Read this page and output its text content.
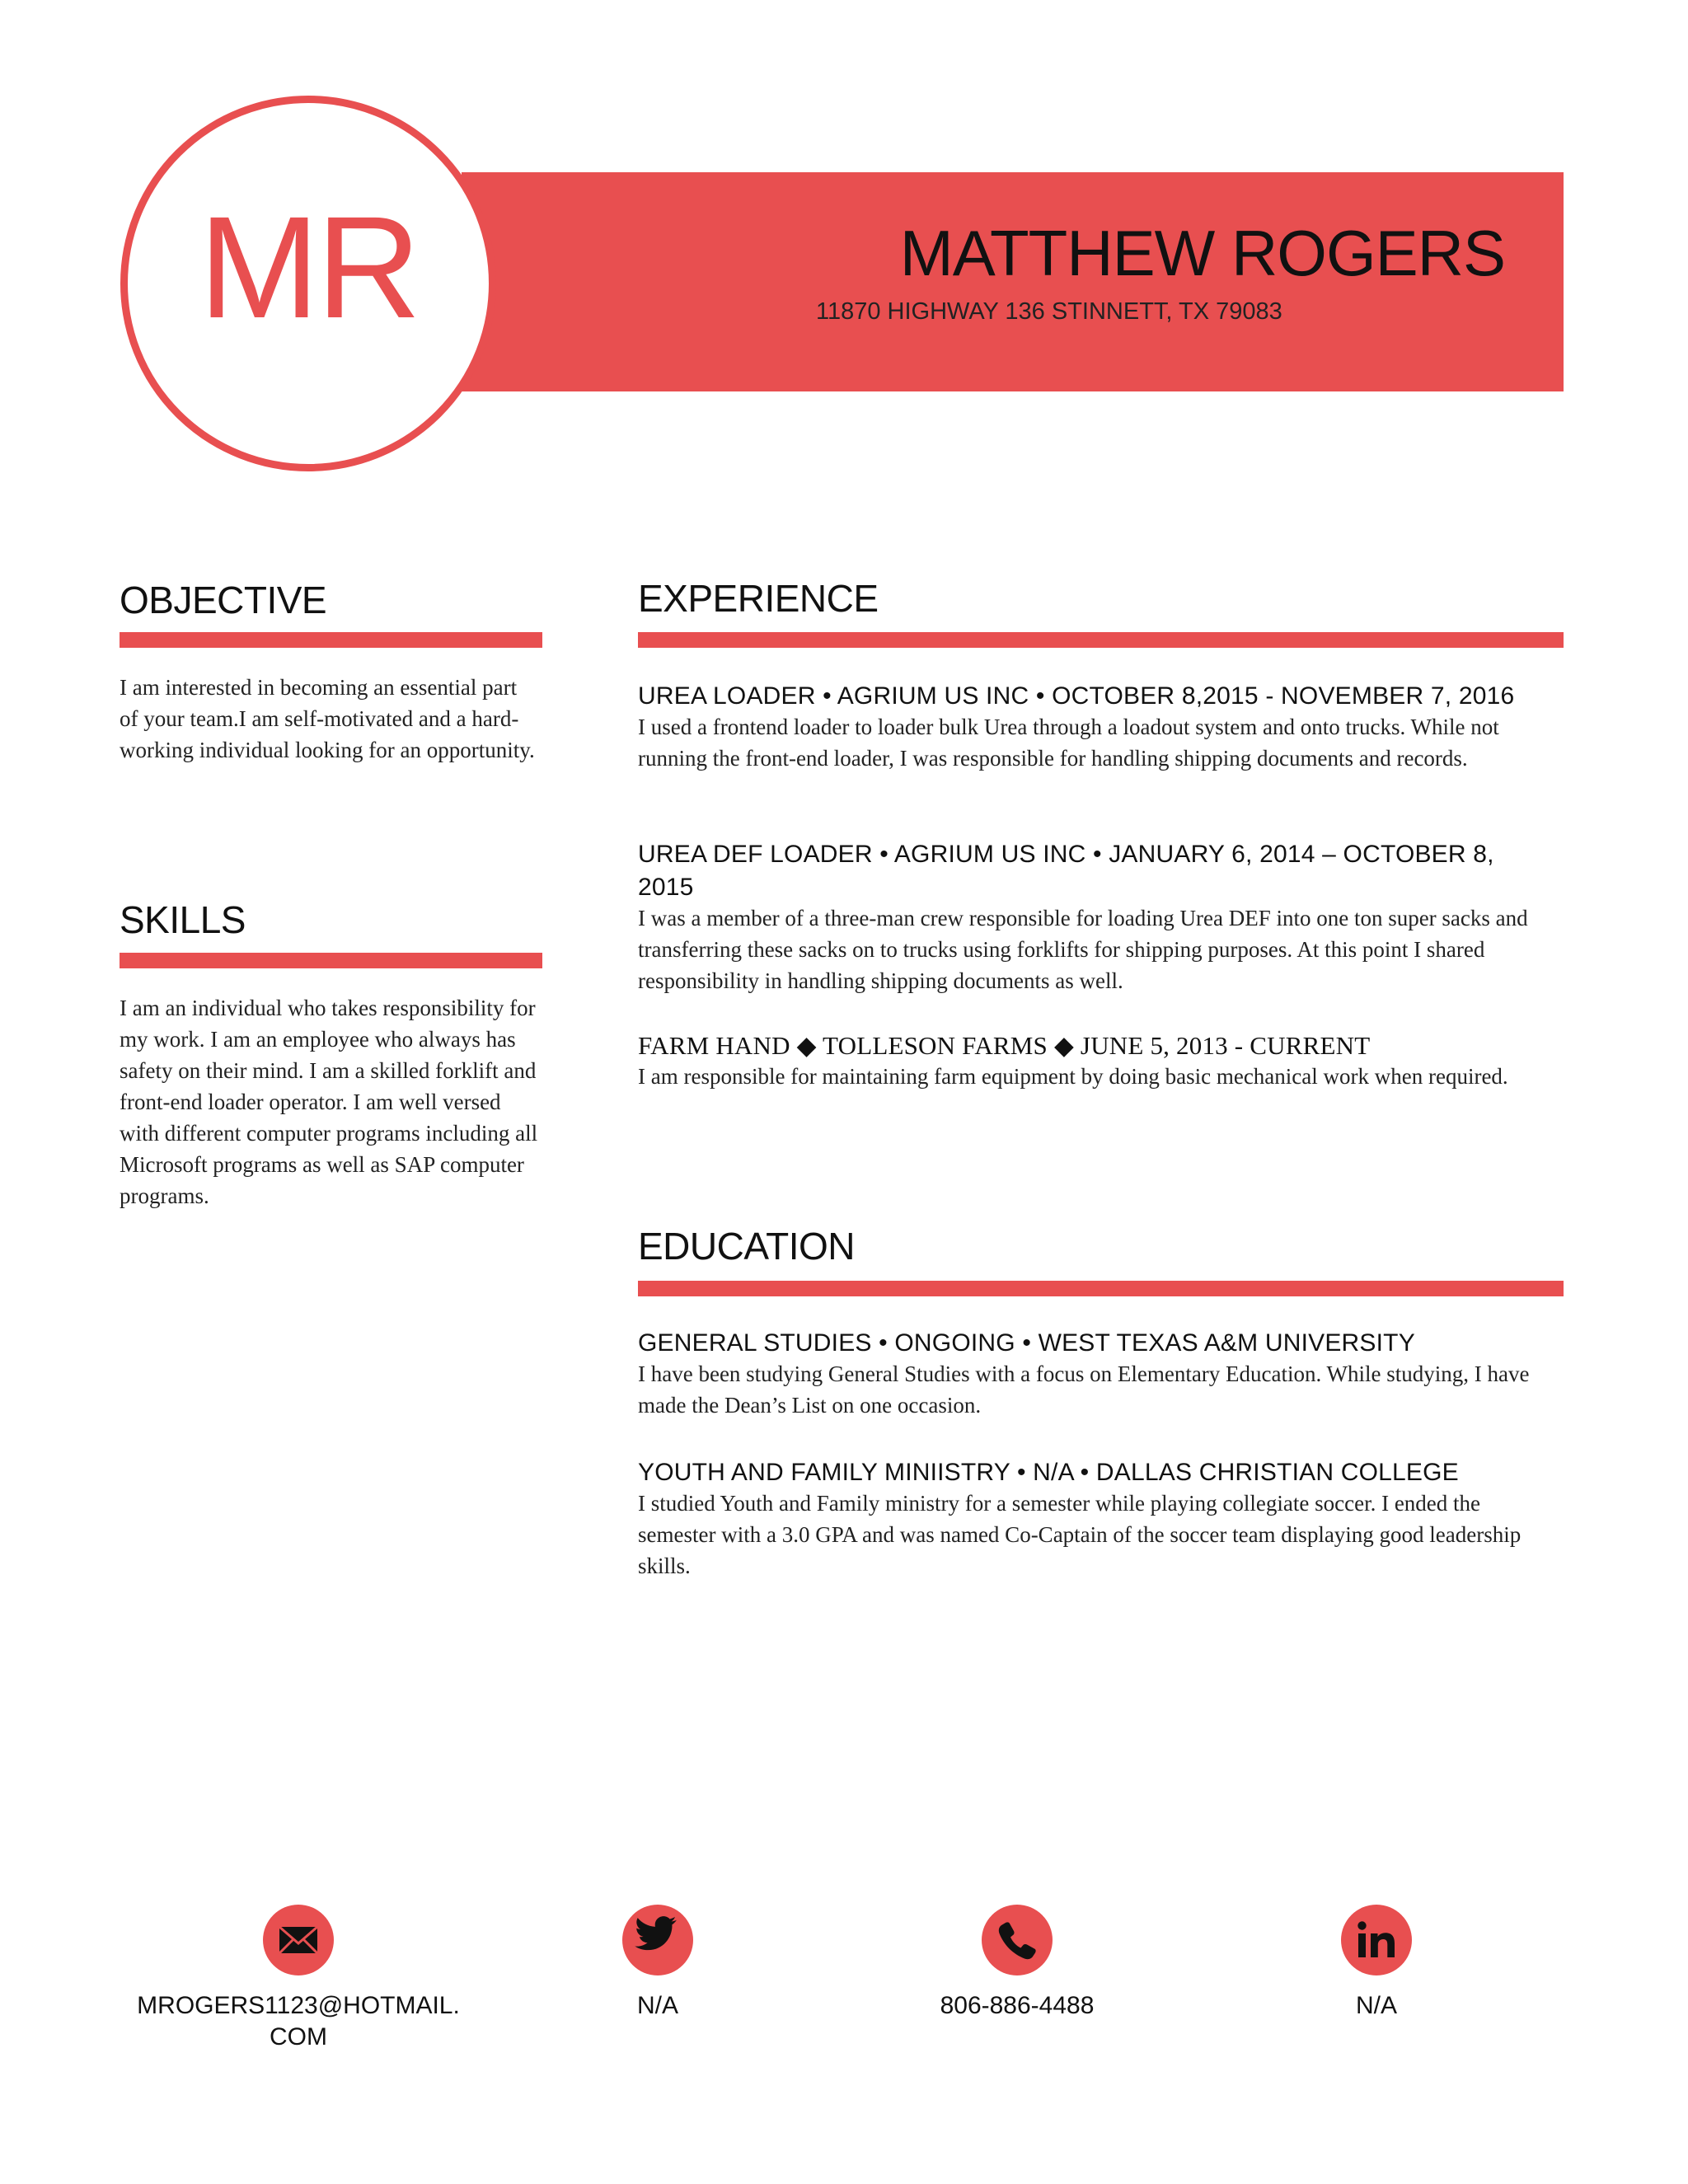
MR	MATTHEW ROGERS
11870 HIGHWAY 136 STINNETT, TX 79083
OBJECTIVE
I am interested in becoming an essential part of your team.I am self-motivated and a hard-working individual looking for an opportunity.
SKILLS
I am an individual who takes responsibility for my work. I am an employee who always has safety on their mind. I am a skilled forklift and front-end loader operator. I am well versed with different computer programs including all Microsoft programs as well as SAP computer programs.
EXPERIENCE
UREA LOADER • AGRIUM US INC • OCTOBER 8,2015 - NOVEMBER 7, 2016
I used a frontend loader to loader bulk Urea through a loadout system and onto trucks. While not running the front-end loader, I was responsible for handling shipping documents and records.
UREA DEF LOADER • AGRIUM US INC • JANUARY 6, 2014 – OCTOBER 8, 2015
I was a member of a three-man crew responsible for loading Urea DEF into one ton super sacks and transferring these sacks on to trucks using forklifts for shipping purposes. At this point I shared responsibility in handling shipping documents as well.
FARM HAND ◆ TOLLESON FARMS ◆ JUNE 5, 2013 - CURRENT
I am responsible for maintaining farm equipment by doing basic mechanical work when required.
EDUCATION
GENERAL STUDIES • ONGOING • WEST TEXAS A&M UNIVERSITY
I have been studying General Studies with a focus on Elementary Education. While studying, I have made the Dean’s List on one occasion.
YOUTH AND FAMILY MINIISTRY • N/A • DALLAS CHRISTIAN COLLEGE
I studied Youth and Family ministry for a semester while playing collegiate soccer. I ended the semester with a 3.0 GPA and was named Co-Captain of the soccer team displaying good leadership skills.
MROGERS1123@HOTMAIL.
COM
N/A	806-886-4488	N/A
